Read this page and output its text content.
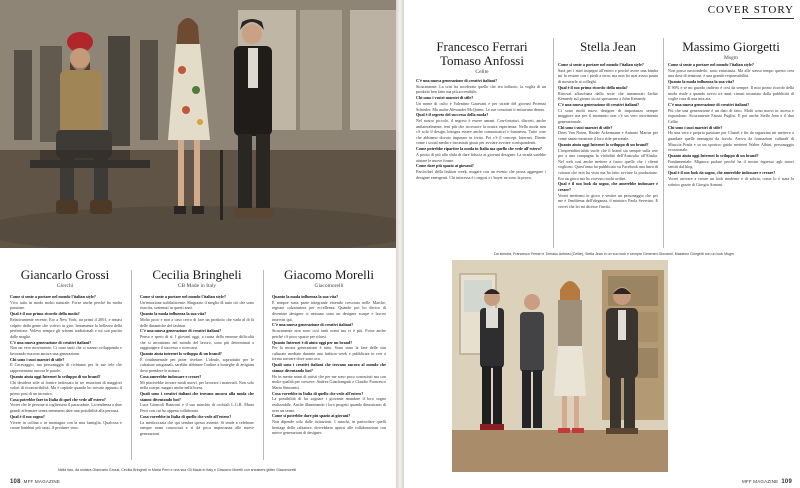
Giancarlo Grossi
Gierchi
Cecilia Bringheli
CB Made in Italy
Giacomo Morelli
Giacomorelli

Come si sente a portare nel mondo l'italian style?

Vivo tutto in modo molto naturale. Forse anche perché ho molta passione.

Qual è il suo primo ricordo della moda?

Relativamente recente. Ero a New York, tra primi il 2001, e rimasi colpito dalla gente che volevo in giro, lentamente la bellezza della perfezione. Volevo sempre gli schemi tradizionali e mi son partito dalle maglie.

C'è una nuova generazione di creativi italiani?

Non un vero movimento. Ci sono tanti che si stanno sviluppando e lavorando ma non ancora una generazione.

Chi sono i suoi maestri di stile?

Il Caravaggio, ma personaggio di richiamo per le sue tele che rappresentano ancora le parole.

Quanto aiuta oggi Internet lo sviluppo di un brand?

Chi desidera stile ai fornire indossato in tre emozioni di maggiori valori di riconoscibilità. Ma è capitale quando ho trovato appunto il primo post di un incontro.

Cosa potrebbe fare in Italia di quel che vede all'estero?

Vorrei che le persone si togliessero il paracadute. La tendenza a dare grandi affermare senza nemmeno dare una possibilità alla persona.

Qual è il suo sogno?

Vivere in collina o in montagna con la mia famiglia. Qualcosa e creare bambini più cauti. A produrre vino.

Come si sente a portare nel mondo l'italian style?

Un'emozione soddisfacente. Ringrazio il meglio di tutto ciò che sono riuscita, sostenuti in questi anni.

Quanto la moda influenza la sua vita?

Molto poco e non a caso cerco di fare un prodotto che vada al di là delle dinamiche del fashion.

C'è una nuova generazione di creativi italiani?

Penso e spero di sì. I giovani oggi, a causa della enorme difficoltà che si incontrano nel mondo del lavoro, sono più determinati a raggiungere il successo e ricercarsi.

Quanto aiuta internet lo sviluppo di un brand?

È fondamentale per poter rivelare. L'ideale, soprattutto per le calzature artigianali, sarebbe abbinare l'online a botteghe di artigiani dove prendere le misure.

Cosa amerebbe indossare e creare?

Mi piacerebbe trovare modi nuovi, per lavorare i materiali. Non solo nella scarpe, magari anche nella borsa.

Quali sono i creativi italiani che trovano ancora alla moda che stanno diventando hot?

Luca Giancoli Bianconi e il suo marchio di occhiali L.G.R. Marta Ferri con cui ho appena collaborato.

Cosa vorrebbe in Italia di quello che vede all'estero?

La meritocrazia che qui sembra spesso assente. Si tende a celebrare sempre nomi conosciuti e si dà poca importanza alle nuove generazioni.

Quanto la moda influenza la sua vita?

È sempre stata parte integrante essendo cresciuto nelle Marche, regione calzaturiera per eccellenza. Quando poi ho deciso di diventare designer ci nessuno sono un designer scarpe e lavoro inserviti qui.

C'è una nuova generazione di creativi italiani?

Sicuramente non sono così tanti nomi ma vi è più. Forse anche perché c'è poco spazio per rifarsi.

Quanto Internet è di aiuto oggi per un brand?

Per la nostra generazione è tutto. Sono stato la fase delle star culturate mediate durante una fashion week e pubblicate in rete a forma arrivare dove sono ora.

Quali sono i creativi italiani che trovano ancora al mondo che stanno diventando hot?

Ho in mente nomi di artisti che per me sono poco conosciuti ma con molte qualità per crescere: Andrea Gianfrangatti e Claudio Francesco Maria Simonetti.

Cosa vorrebbe in Italia di quello che vede all'estero?

La possibilità di far sognare i giovanie mandare il loro sogno realizzabile. Anche illuminando i loro progetti quando dimostrano di aver un senso.

Come si potrebbe dare più spazio ai giovani?

Non dipende solo dalle istituzioni. I marchi, in particolare quelli heritage delle calzature, dovrebbero aprirsi alle collaborazioni con nuove generazioni di designer.

Nella foto, da sinistra Giancarlo Grossi, Cecilia Bringheli in Maria Perri e una sua Gli Made in Italy e Giacomo Morelli con sneakers glitter Giacomorelli
108 MFF MAGAZINE
COVER STORY
Francesco Ferrari
Tomaso Anfossi
Cellte
Stella Jean	Massimo Giorgetti
Msgm

C'è una nuova generazione di creativi italiani?

Sicuramente. La crisi ha accelerato quello che era inffuoto, la voglia di un prodotto ben fatto ma più accessibile.

Chi sono i vostri maestri di stile?

Un nome di culto è Valentino Garavani e per strade del giovani Proenza Schouler. Ma anche Alexander McQueen. Le sue creazioni ti entravano dentro.

Qual è il segreto del successo della moda?

Nel nostro piccolo, il segreto è essere umani. Con-fortatori, discreti, anche unilateralmente, teni più che accessore la nostra esperienza. Nella moda non c'è solo il design, bisogna essere anche comunicativi e businesss. Tutte cose che abbiamo dovuto imparare in fretta. Poi c'è il concept. Internet. Dirette come i social media e incontrati giusti per avviare avviare corrispondenti.

Come potrebbe ripartire la moda in Italia ma quello che vede all'estero?

A prioto di più alla sfida di dare fiducia ai giovani designer. La strada sarebbe aiutare le nuove forme.

Come dare più spazio ai giovani?

Particolari della fashion week, mugare con un evento che possa aggregare i designer emergenti. Chi interessa è i negozi e i buyer ne sono la prova.

Come si sente a portare nel mondo l'italian style?

Sarà per i miei impegni all'estero e perché avere una bimba mi fa restare con i piedi a terra, ma non ho mai avuto paura di mostrarle ai colleghi.

Qual è il suo primo ricordo della moda?

Ritrovai affascinata dallo sorte che innamorati Jackie Kennedy sul giorno in cui sposarono a John Kennedy.

C'è una nuova generazione di creativi italiani?

Ci sono molti nuovi designer di importanza sempre maggiore ma per il momento non c'è un vero movimento generazionale.

Chi sono i suoi maestri di stile?

Dries Van Noten, Haider Ackermann e Antonio Marras per come sanno mostrare il loro stile personale.

Quanto aiuta oggi Internet lo sviluppo di un brand?

L'imprenditorialità vuole che il brand sia sempre sulla rete per a una campagna la visibilità dell'Australia all'Alaska. Nel web così anche mettere a fuoco quello che i clienti vogliono. Quest'anno ho pubblicato su Facebook una linea di cotonai che non ha vista ma ha fatto avviare la produzione. Era un gioco ma ho ricevuto molti ordini.

Qual è il suo look da sogno, che amerebbe indossare e creare?

Vorrei mettermi in gioco e vestire un personaggio che per me è l'emblema dell'eleganza, il ministro Paola Severino. E vorrei che lei mi dicesse l'invito.

Come si sente a portare nel mondo l'italian style?

Non posso nasconderlo, sono entusiasta. Ma alle stesso tempo questo crea una dose di tensione, è una grande responsabilità.

Quanto la moda influenza la sua vita?

Il 90% e se mi guardo indietro è così da sempre. Il mio primo ricordo della moda risale a quando avevo tre anni: rimasi incantato dalla pubblicità di voglie rosa di una mia zia.

C'è una nuova generazione di creativi italiani?

Più che una generazione è un dato di fatto. Molti sono nuovi in ascesa e rispondono. Sicuramente Fausto Puglisi. E poi anche Stella Jean e il duo Cellte.

Chi sono i suoi maestri di stile?

Ho una vera e propria passione per Chanel e fin da ragazzino mi mettevo a guardare quelle immagini da favola. Arrivo da formazioni culturali di Miuccia Prada e su un sportivo guido metterei Walter Albini, personaggio eccezionale.

Quanto aiuta oggi Internet lo sviluppo di un brand?

Fondamentale. Mignora parlare perché ha il nostro ingresso agli nuovi sentiti dal blog.

Qual è il suo look da sogno, che amerebbe indossare e creare?

Vorrei arrivare a creare un look moderno e di sobria, come lo è stata la sobrios grazie di Giorgio Armani.

Da sinistra, Francesco Ferrari e Tomaso Anfossi (Cellte), Stella Jean in un suo look e sempre Gimeneri Giovanni, Massimo Giorgetti con un look Msgm
MFF MAGAZINE 109
